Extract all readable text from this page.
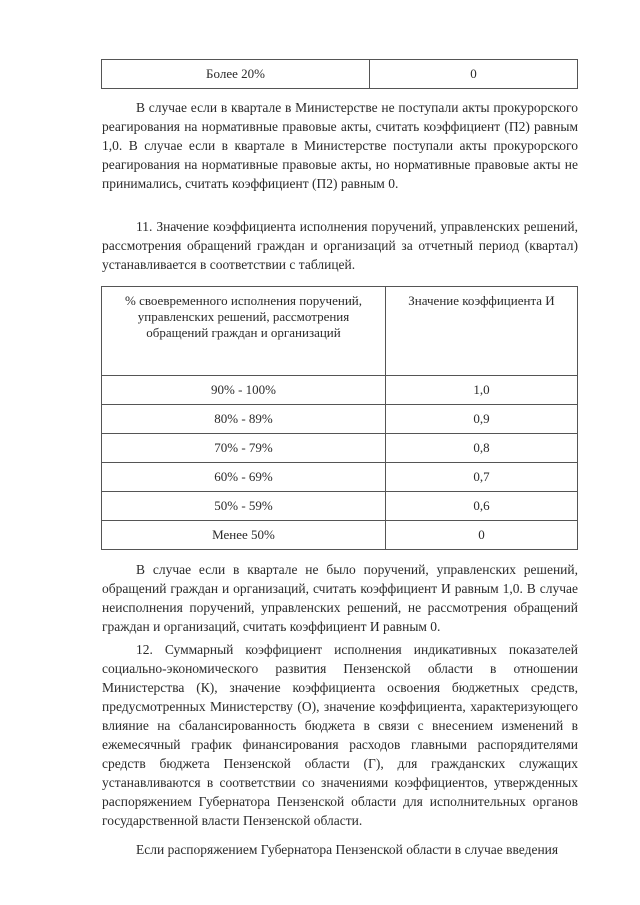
Более 20%	0

В случае если в квартале в Министерстве не поступали акты прокурорского реагирования на нормативные правовые акты, считать коэффициент (П2) равным 1,0. В случае если в квартале в Министерстве поступали акты прокурорского реагирования на нормативные правовые акты, но нормативные правовые акты не принимались, считать коэффициент (П2) равным 0.

11. Значение коэффициента исполнения поручений, управленских решений, рассмотрения обращений граждан и организаций за отчетный период (квартал) устанавливается в соответствии с таблицей.

% своевременного исполнения поручений, управленских решений, рассмотрения обращений граждан и организаций	Значение коэффициента И
90% - 100%	1,0
80% - 89%	0,9
70% - 79%	0,8
60% - 69%	0,7
50% - 59%	0,6
Менее 50%	0

В случае если в квартале не было поручений, управленских решений, обращений граждан и организаций, считать коэффициент И равным 1,0. В случае неисполнения поручений, управленских решений, не рассмотрения обращений граждан и организаций, считать коэффициент И равным 0.

12. Суммарный коэффициент исполнения индикативных показателей социально-экономического развития Пензенской области в отношении Министерства (К), значение коэффициента освоения бюджетных средств, предусмотренных Министерству (О), значение коэффициента, характеризующего влияние на сбалансированность бюджета в связи с внесением изменений в ежемесячный график финансирования расходов главными распорядителями средств бюджета Пензенской области (Г), для гражданских служащих устанавливаются в соответствии со значениями коэффициентов, утвержденных распоряжением Губернатора Пензенской области для исполнительных органов государственной власти Пензенской области.

Если распоряжением Губернатора Пензенской области в случае введения
